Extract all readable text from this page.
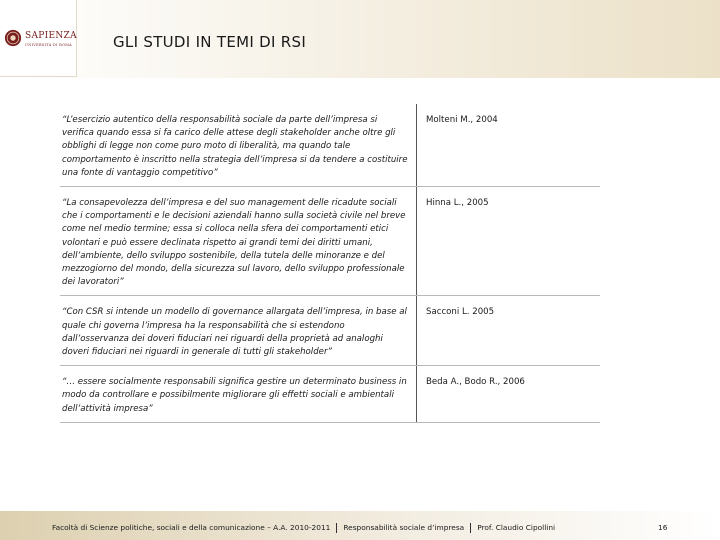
SAPIENZA
UNIVERSITÀ DI ROMA	GLI STUDI IN TEMI DI RSI
“L’esercizio autentico della responsabilità sociale da parte dell’impresa si verifica quando essa si fa carico delle attese degli stakeholder anche oltre gli obblighi di legge non come puro moto di liberalità, ma quando tale comportamento è inscritto nella strategia dell’impresa si da tendere a costituire una fonte di vantaggio competitivo”
Molteni M., 2004
“La consapevolezza dell’impresa e del suo management delle ricadute sociali che i comportamenti e le decisioni aziendali hanno sulla società civile nel breve come nel medio termine; essa si colloca nella sfera dei comportamenti etici volontari e può essere declinata rispetto ai grandi temi dei diritti umani, dell’ambiente, dello sviluppo sostenibile, della tutela delle minoranze e del mezzogiorno del mondo, della sicurezza sul lavoro, dello sviluppo professionale dei lavoratori”
Hinna L., 2005
“Con CSR si intende un modello di governance allargata dell’impresa, in base al quale chi governa l’impresa ha la responsabilità che si estendono dall’osservanza dei doveri fiduciari nei riguardi della proprietà ad analoghi doveri fiduciari nei riguardi in generale di tutti gli stakeholder”
Sacconi L. 2005
“… essere socialmente responsabili significa gestire un determinato business in modo da controllare e possibilmente migliorare gli effetti sociali e ambientali dell’attività impresa”
Beda A., Bodo R., 2006
Facoltà di Scienze politiche, sociali e della comunicazione – A.A. 2010-2011 Responsabilità sociale d’impresa Prof. Claudio Cipollini	16
